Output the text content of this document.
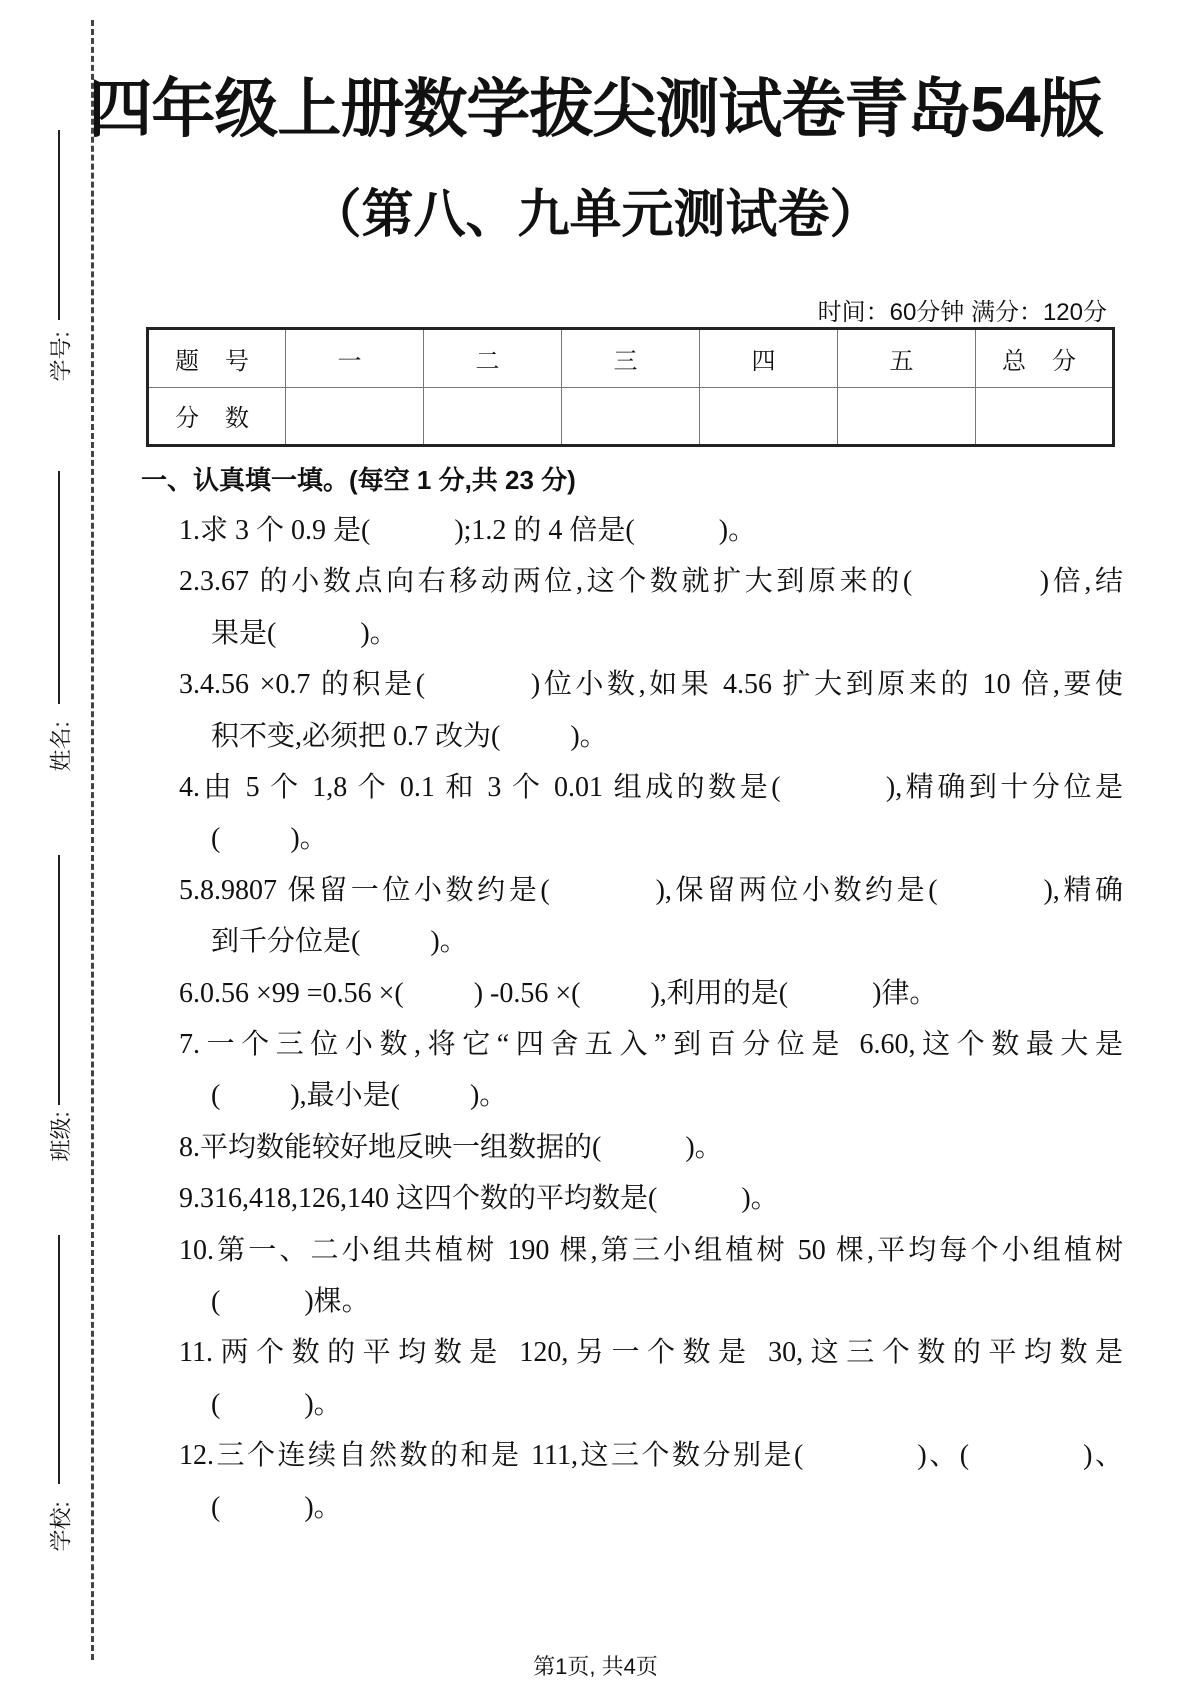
学号:
姓名:
班级:
学校:
四年级上册数学拔尖测试卷青岛54版
（第八、九单元测试卷）
时间：60分钟 满分：120分
题 号	一	二	三	四	五	总 分
分 数						
一、认真填一填。(每空 1 分,共 23 分)
1.求 3 个 0.9 是(            );1.2 的 4 倍是(            )。
2.3.67 的小数点向右移动两位,这个数就扩大到原来的(            )倍,结
果是(            )。
3.4.56 ×0.7 的积是(          )位小数,如果 4.56 扩大到原来的 10 倍,要使
积不变,必须把 0.7 改为(          )。
4.由 5 个 1,8 个 0.1 和 3 个 0.01 组成的数是(          ),精确到十分位是
(          )。
5.8.9807 保留一位小数约是(          ),保留两位小数约是(          ),精确
到千分位是(          )。
6.0.56 ×99 =0.56 ×(          ) -0.56 ×(          ),利用的是(            )律。
7.一个三位小数,将它“四舍五入”到百分位是 6.60,这个数最大是
(          ),最小是(          )。
8.平均数能较好地反映一组数据的(            )。
9.316,418,126,140 这四个数的平均数是(            )。
10.第一、二小组共植树 190 棵,第三小组植树 50 棵,平均每个小组植树
(            )棵。
11.两个数的平均数是 120,另一个数是 30,这三个数的平均数是
(            )。
12.三个连续自然数的和是 111,这三个数分别是(            )、(            )、
(            )。
第1页, 共4页
